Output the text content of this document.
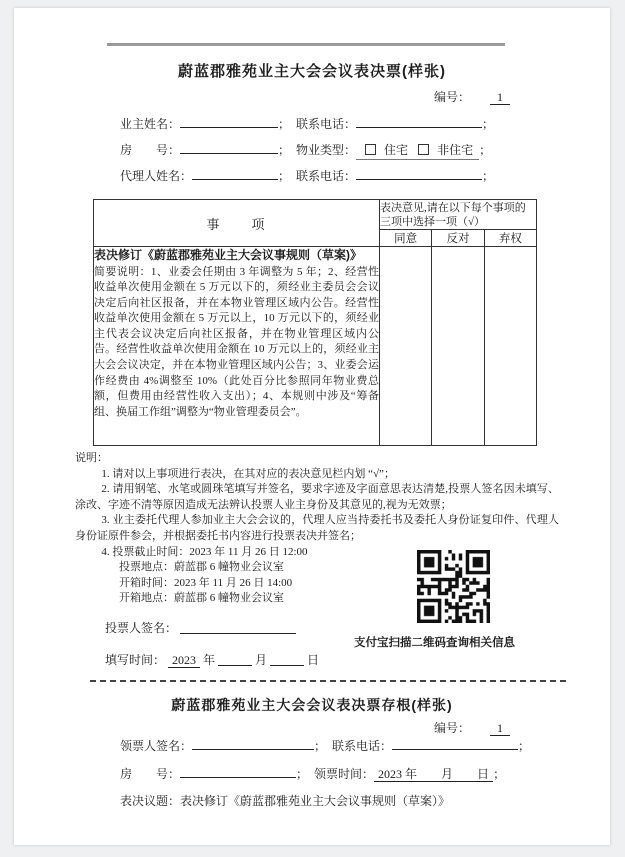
蔚蓝郡雅苑业主大会会议表决票(样张)
编号： 1
业主姓名：	； 联系电话：	；
房　　号：	； 物业类型：	住宅 非住宅 ；
代理人姓名：	； 联系电话：	；
事　　项	表决意见,请在以下每个事项的三项中选择一项（√）		
	同意	反对	弃权

表决修订《蔚蓝郡雅苑业主大会议事规则（草案)》
简要说明：1、业委会任期由 3 年调整为 5 年；2、经营性收益单次使用金额在 5 万元以下的，须经业主委员会会议决定后向社区报备，并在本物业管理区域内公告。经营性收益单次使用金额在 5 万元以上，10 万元以下的，须经业主代表会议决定后向社区报备，并在物业管理区域内公告。经营性收益单次使用金额在 10 万元以上的，须经业主大会会议决定，并在本物业管理区域内公告；3、业委会运作经费由 4%调整至 10%（此处百分比参照同年物业费总额，但费用由经营性收入支出）；4、本规则中涉及“筹备组、换届工作组”调整为“物业管理委员会”。			

说明：
1. 请对以上事项进行表决，在其对应的表决意见栏内划 “√”；
2. 请用钢笔、水笔或圆珠笔填写并签名，要求字迹及字面意思表达清楚,投票人签名因未填写、涂改、字迹不清等原因造成无法辨认投票人业主身份及其意见的,视为无效票；
3. 业主委托代理人参加业主大会会议的，代理人应当持委托书及委托人身份证复印件、代理人身份证原件参会，并根据委托书内容进行投票表决并签名；
4. 投票截止时间：2023 年 11 月 26 日 12:00
投票地点：蔚蓝郡 6 幢物业会议室
开箱时间：2023 年 11 月 26 日 14:00
开箱地点：蔚蓝郡 6 幢物业会议室
投票人签名：
填写时间： 2023 年	月	日
支付宝扫描二维码查询相关信息
蔚蓝郡雅苑业主大会会议表决票存根(样张)
编号： 1
领票人签名：	； 联系电话：	；
房　　号：	； 领票时间： 2023 年　　月　　日 ；
表决议题： 表决修订《蔚蓝郡雅苑业主大会议事规则（草案）》
